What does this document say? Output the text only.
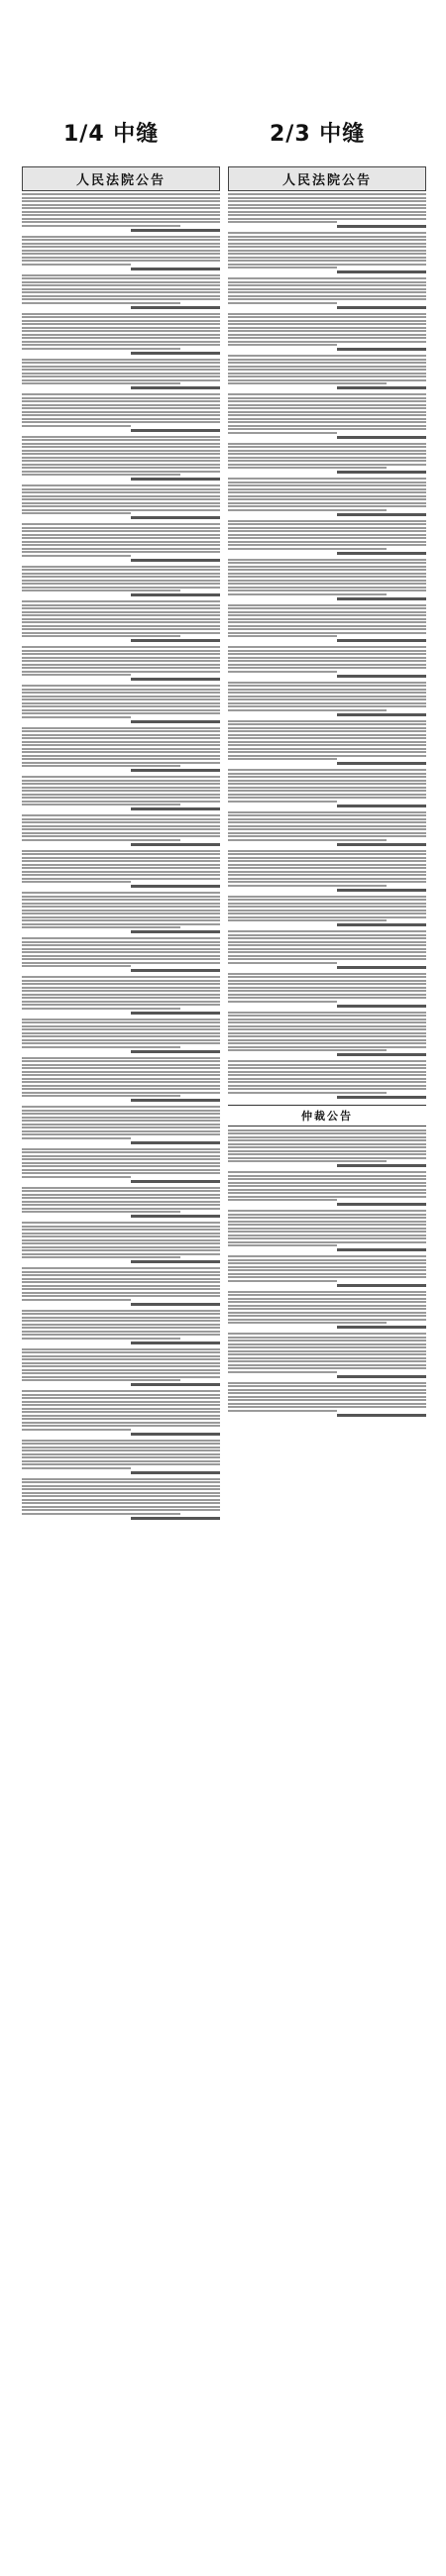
1/4 中缝	2/3 中缝
人民法院公告	人民法院公告
仲裁公告
